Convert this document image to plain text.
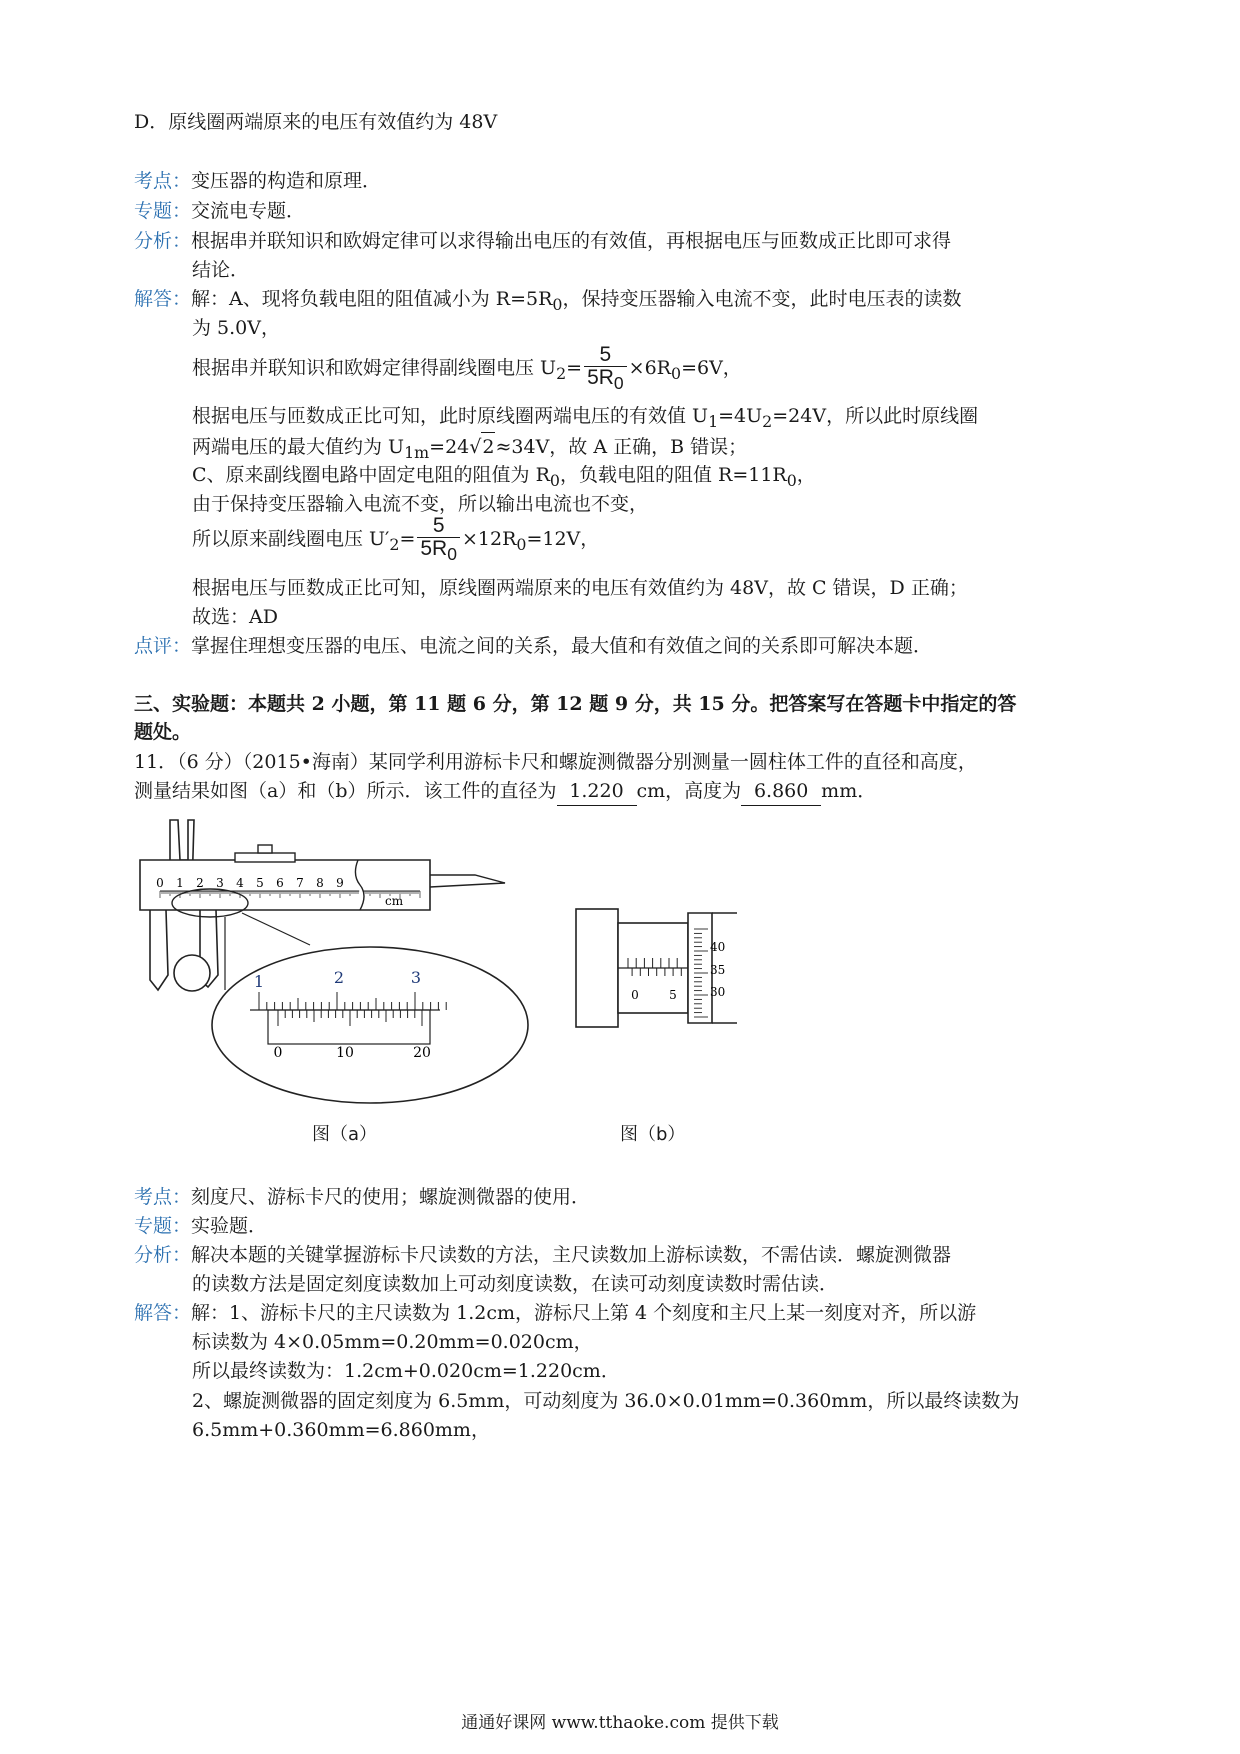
D．原线圈两端原来的电压有效值约为 48V
考点：变压器的构造和原理．
专题：交流电专题．
分析：根据串并联知识和欧姆定律可以求得输出电压的有效值，再根据电压与匝数成正比即可求得
结论．
解答：解：A、现将负载电阻的阻值减小为 $R=5R_0$，保持变压器输入电流不变，此时电压表的读数
为 5.0V，
根据串并联知识和欧姆定律得副线圈电压 $U_2= \frac{5}{5R_0} \times 6R_0=6V$，
根据电压与匝数成正比可知，此时原线圈两端电压的有效值 $U_1=4U_2=24V$，所以此时原线圈
两端电压的最大值约为 $U_{1m}=24√2\approx 34V$，故 A 正确，B 错误；
C、原来副线圈电路中固定电阻的阻值为 $R_0$，负载电阻的阻值 $R=11R_0$，
由于保持变压器输入电流不变，所以输出电流也不变，
所以原来副线圈电压 $U'_2= \frac{5}{5R_0} \times 12R_0=12V$，
根据电压与匝数成正比可知，原线圈两端原来的电压有效值约为 48V，故 C 错误，D 正确；
故选：AD
点评：掌握住理想变压器的电压、电流之间的关系，最大值和有效值之间的关系即可解决本题．
三、实验题：本题共 2 小题，第 11 题 6 分，第 12 题 9 分，共 15 分。把答案写在答题卡中指定的答
题处。
11．（6 分）（2015•海南）某同学利用游标卡尺和螺旋测微器分别测量一圆柱体工件的直径和高度，
测量结果如图（a）和（b）所示．该工件的直径为 1.220 cm，高度为 6.860 mm．
0 1 2 3 4 5 6 7 8 9
cm
1	2	3
0	10	20
0	5
40
35
30
图（a）	图（b）
考点：刻度尺、游标卡尺的使用；螺旋测微器的使用．
专题：实验题．
分析：解决本题的关键掌握游标卡尺读数的方法，主尺读数加上游标读数，不需估读．螺旋测微器
的读数方法是固定刻度读数加上可动刻度读数，在读可动刻度读数时需估读．
解答：解：1、游标卡尺的主尺读数为 1.2cm，游标尺上第 4 个刻度和主尺上某一刻度对齐，所以游
标读数为 4×0.05mm=0.20mm=0.020cm，
所以最终读数为：1.2cm+0.020cm=1.220cm．
2、螺旋测微器的固定刻度为 6.5mm，可动刻度为 36.0×0.01mm=0.360mm，所以最终读数为
6.5mm+0.360mm=6.860mm，
通通好课网 www.tthaoke.com 提供下载
